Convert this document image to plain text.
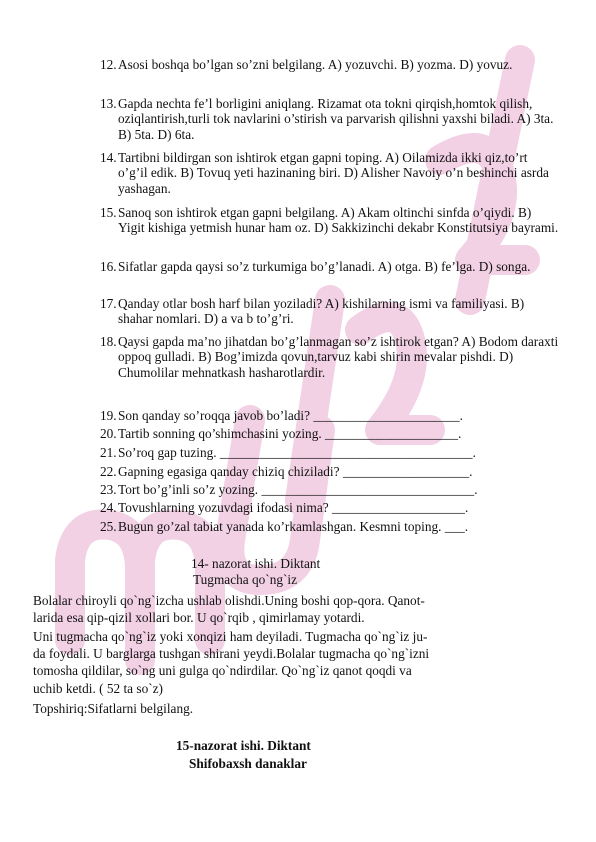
12. Asosi boshqa bo’lgan so’zni belgilang. A) yozuvchi. B) yozma. D) yovuz.
13. Gapda nechta fe’l borligini aniqlang. Rizamat ota tokni qirqish,homtok qilish, oziqlantirish,turli tok navlarini o’stirish va parvarish qilishni yaxshi biladi. A) 3ta. B) 5ta. D) 6ta.
14. Tartibni bildirgan son ishtirok etgan gapni toping. A) Oilamizda ikki qiz,to’rt o’g’il edik. B) Tovuq yeti hazinaning biri. D) Alisher Navoiy o’n beshinchi asrda yashagan.
15. Sanoq son ishtirok etgan gapni belgilang. A) Akam oltinchi sinfda o’qiydi. B) Yigit kishiga yetmish hunar ham oz. D) Sakkizinchi dekabr Konstitutsiya bayrami.
16. Sifatlar gapda qaysi so’z turkumiga bo’g’lanadi. A) otga. B) fe’lga. D) songa.
17. Qanday otlar bosh harf bilan yoziladi? A) kishilarning ismi va familiyasi. B) shahar nomlari. D) a va b to’g’ri.
18. Qaysi gapda ma’no jihatdan bo’g’lanmagan so’z ishtirok etgan? A) Bodom daraxti oppoq gulladi. B) Bog’imizda qovun,tarvuz kabi shirin mevalar pishdi. D) Chumolilar mehnatkash hasharotlardir.
19. Son qanday so’roqqa javob bo’ladi? ______________________.
20. Tartib sonning qo’shimchasini yozing. ____________________.
21. So’roq gap tuzing. ______________________________________.
22. Gapning egasiga qanday chiziq chiziladi? ___________________.
23. Tort bo’g’inli so’z yozing. ________________________________.
24. Tovushlarning yozuvdagi ifodasi nima? ____________________.
25. Bugun go’zal tabiat yanada ko’rkamlashgan. Kesmni toping. ___.
14- nazorat ishi. Diktant
Tugmacha qo`ng`iz
Bolalar chiroyli qo`ng`izcha ushlab olishdi.Uning boshi qop-qora. Qanot-
larida esa qip-qizil xollari bor. U qo`rqib , qimirlamay yotardi.
Uni tugmacha qo`ng`iz yoki xonqizi ham deyiladi. Tugmacha qo`ng`iz ju-
da foydali. U barglarga tushgan shirani yeydi.Bolalar tugmacha qo`ng`izni
tomosha qildilar, so`ng uni gulga qo`ndirdilar. Qo`ng`iz qanot qoqdi va
uchib ketdi. ( 52 ta so`z)
Topshiriq:Sifatlarni belgilang.
15-nazorat ishi. Diktant
Shifobaxsh danaklar
